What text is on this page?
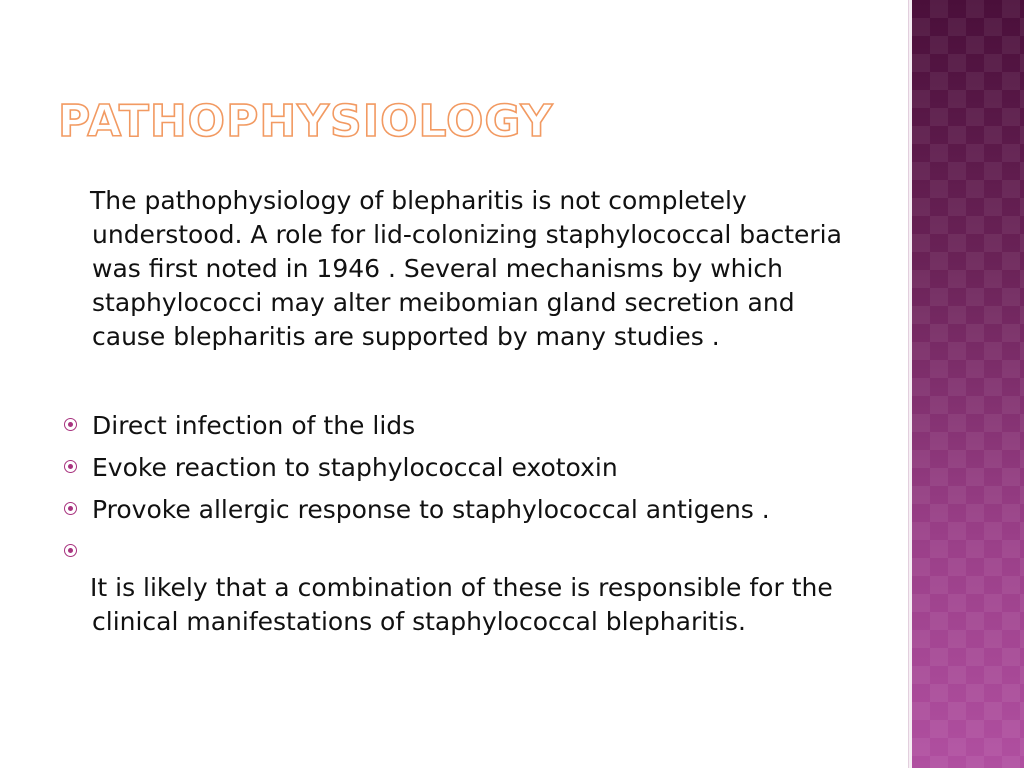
PATHOPHYSIOLOGY

The pathophysiology of blepharitis is not completely understood. A role for lid-colonizing staphylococcal bacteria was first noted in 1946 . Several mechanisms by which staphylococci may alter meibomian gland secretion and cause blepharitis are supported by many studies .

Direct infection of the lids
Evoke reaction to staphylococcal exotoxin
Provoke allergic response to staphylococcal antigens .

It is likely that a combination of these is responsible for the clinical manifestations of staphylococcal blepharitis.
